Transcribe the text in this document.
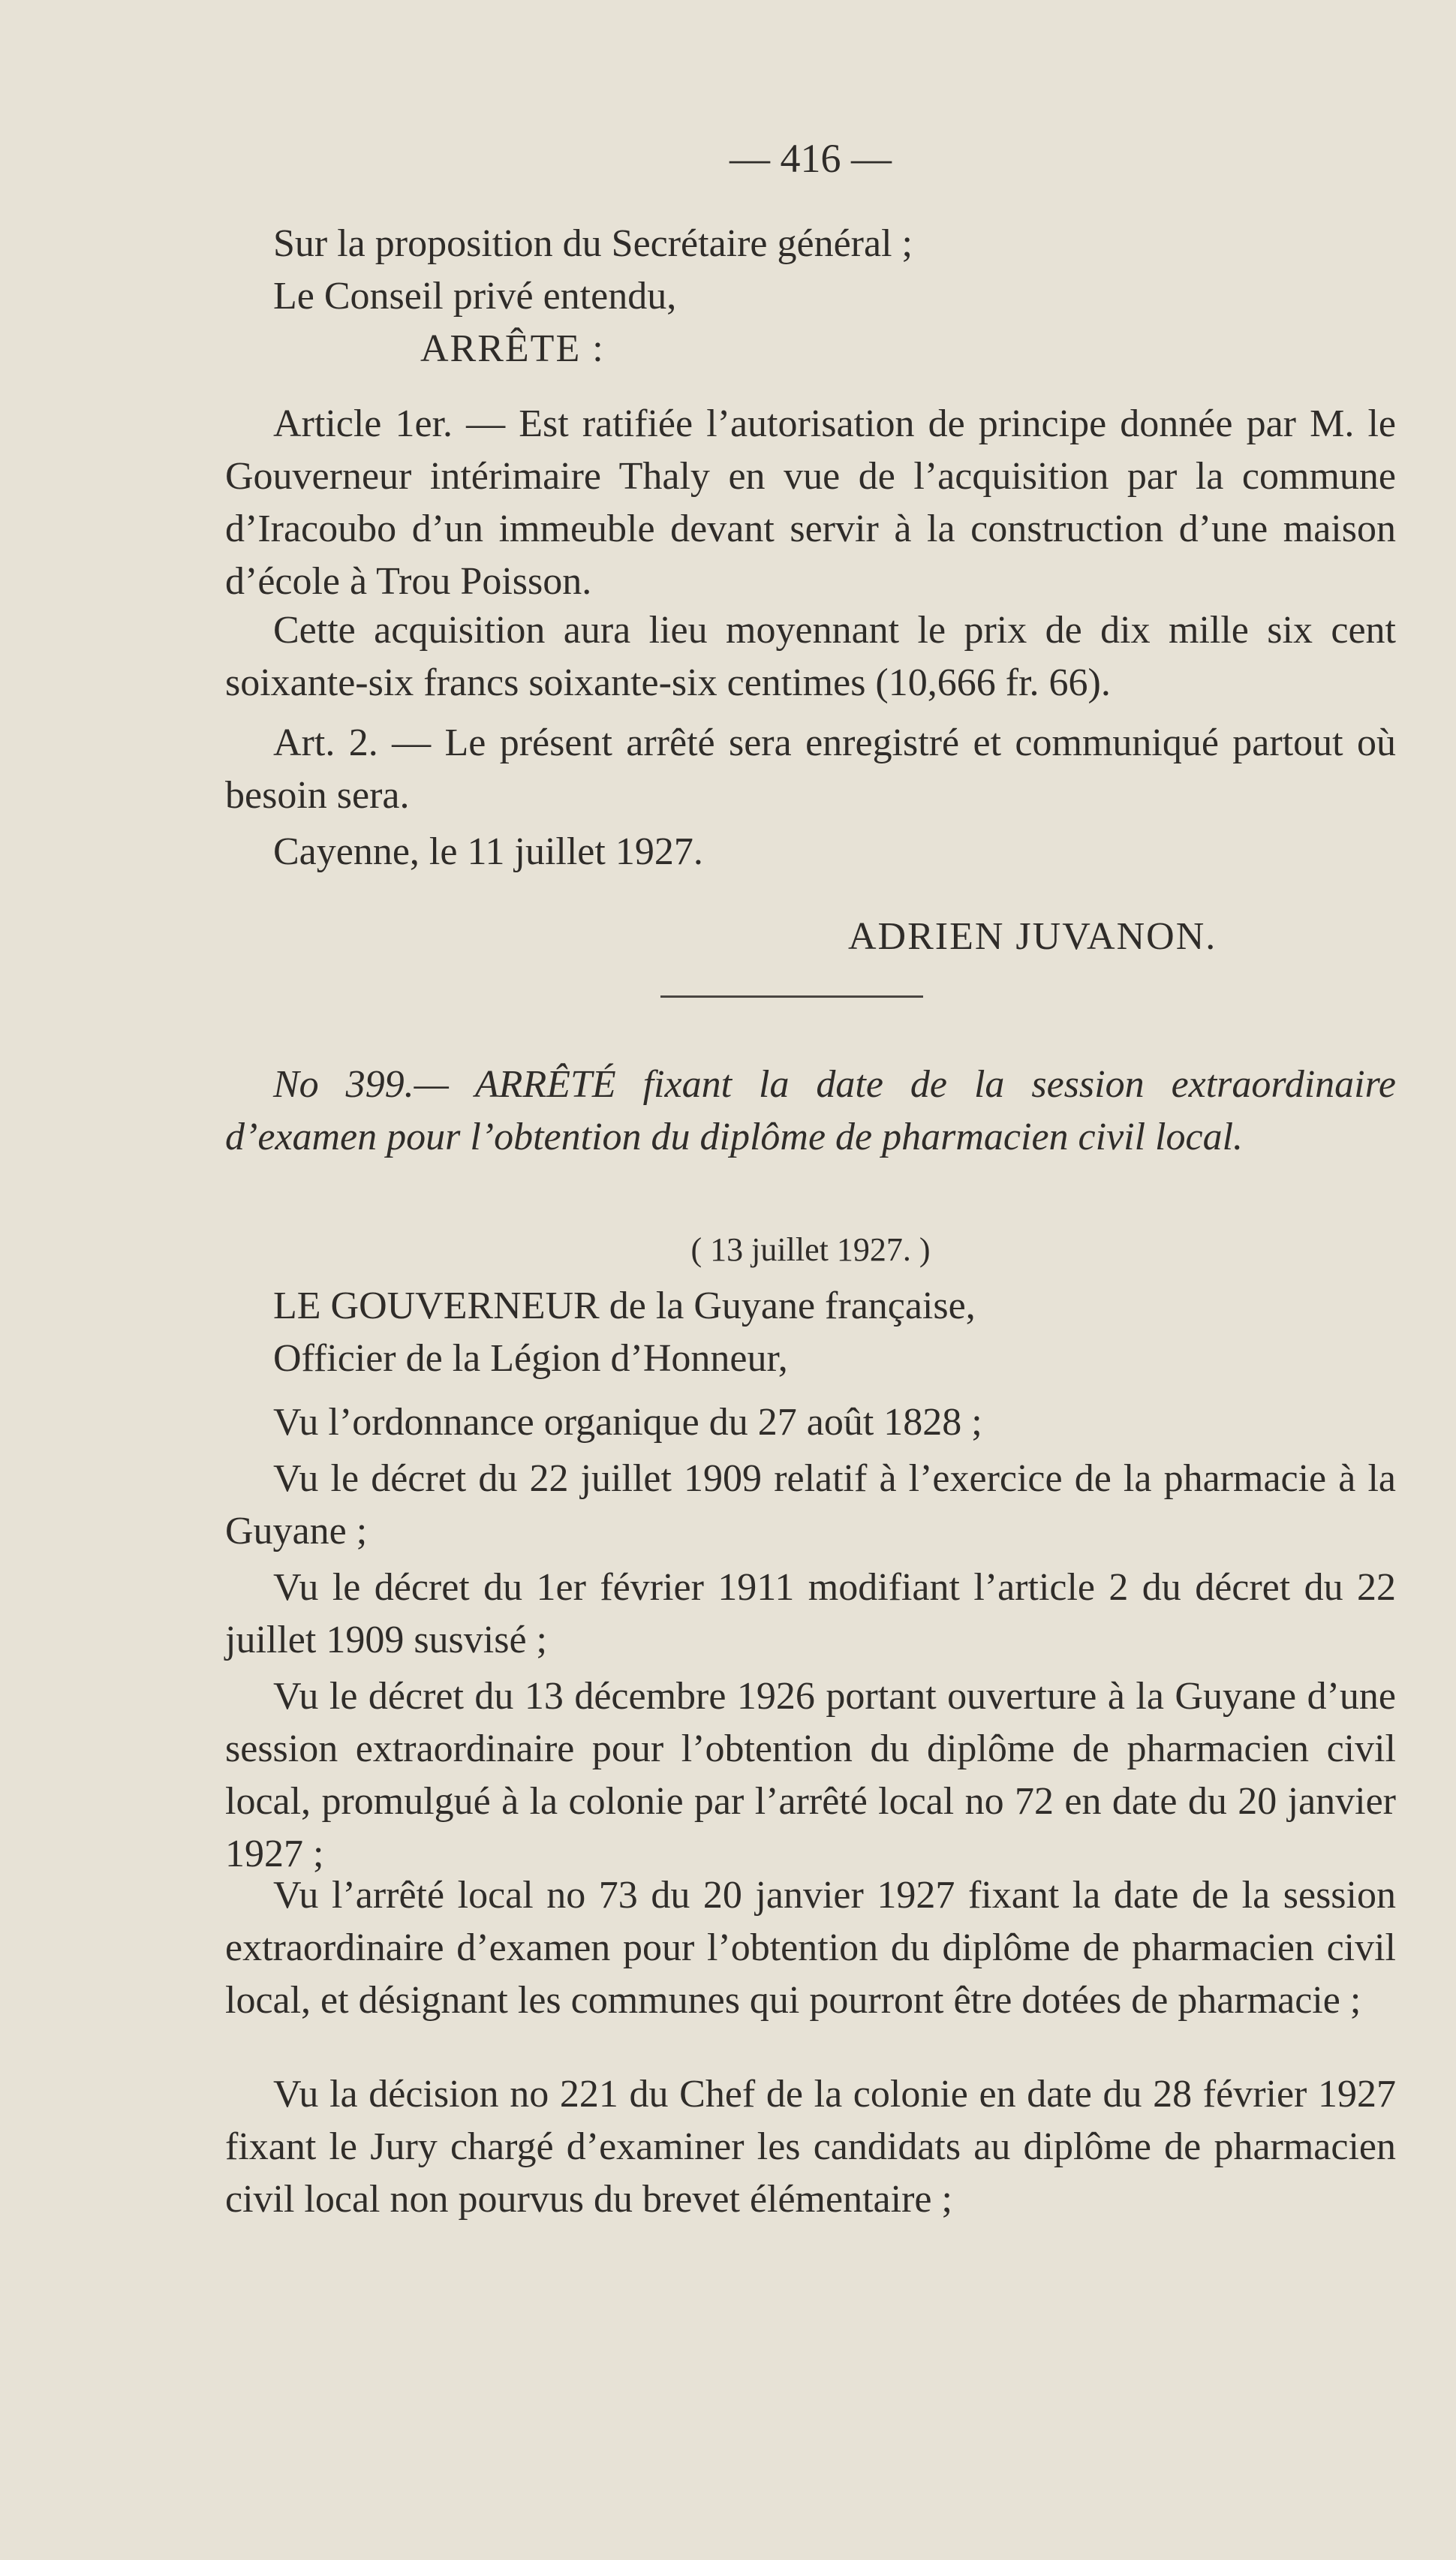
— 416 —

Sur la proposition du Secrétaire général ;

Le Conseil privé entendu,

ARRÊTE :

Article 1er. — Est ratifiée l’autorisation de principe donnée par M. le Gouverneur intérimaire Thaly en vue de l’acquisition par la commune d’Iracoubo d’un immeuble devant servir à la construction d’une maison d’école à Trou Poisson.

Cette acquisition aura lieu moyennant le prix de dix mille six cent soixante-six francs soixante-six centimes (10,666 fr. 66).

Art. 2. — Le présent arrêté sera enregistré et communiqué partout où besoin sera.

Cayenne, le 11 juillet 1927.

ADRIEN JUVANON.

No 399.— ARRÊTÉ fixant la date de la session extraordinaire d’examen pour l’obtention du diplôme de pharmacien civil local.

( 13 juillet 1927. )

LE GOUVERNEUR de la Guyane française,

Officier de la Légion d’Honneur,

Vu l’ordonnance organique du 27 août 1828 ;

Vu le décret du 22 juillet 1909 relatif à l’exercice de la pharmacie à la Guyane ;

Vu le décret du 1er février 1911 modifiant l’article 2 du décret du 22 juillet 1909 susvisé ;

Vu le décret du 13 décembre 1926 portant ouverture à la Guyane d’une session extraordinaire pour l’obtention du diplôme de pharmacien civil local, promulgué à la colonie par l’arrêté local no 72 en date du 20 janvier 1927 ;

Vu l’arrêté local no 73 du 20 janvier 1927 fixant la date de la session extraordinaire d’examen pour l’obtention du diplôme de pharmacien civil local, et désignant les communes qui pourront être dotées de pharmacie ;

Vu la décision no 221 du Chef de la colonie en date du 28 février 1927 fixant le Jury chargé d’examiner les candidats au diplôme de pharmacien civil local non pourvus du brevet élémentaire ;
